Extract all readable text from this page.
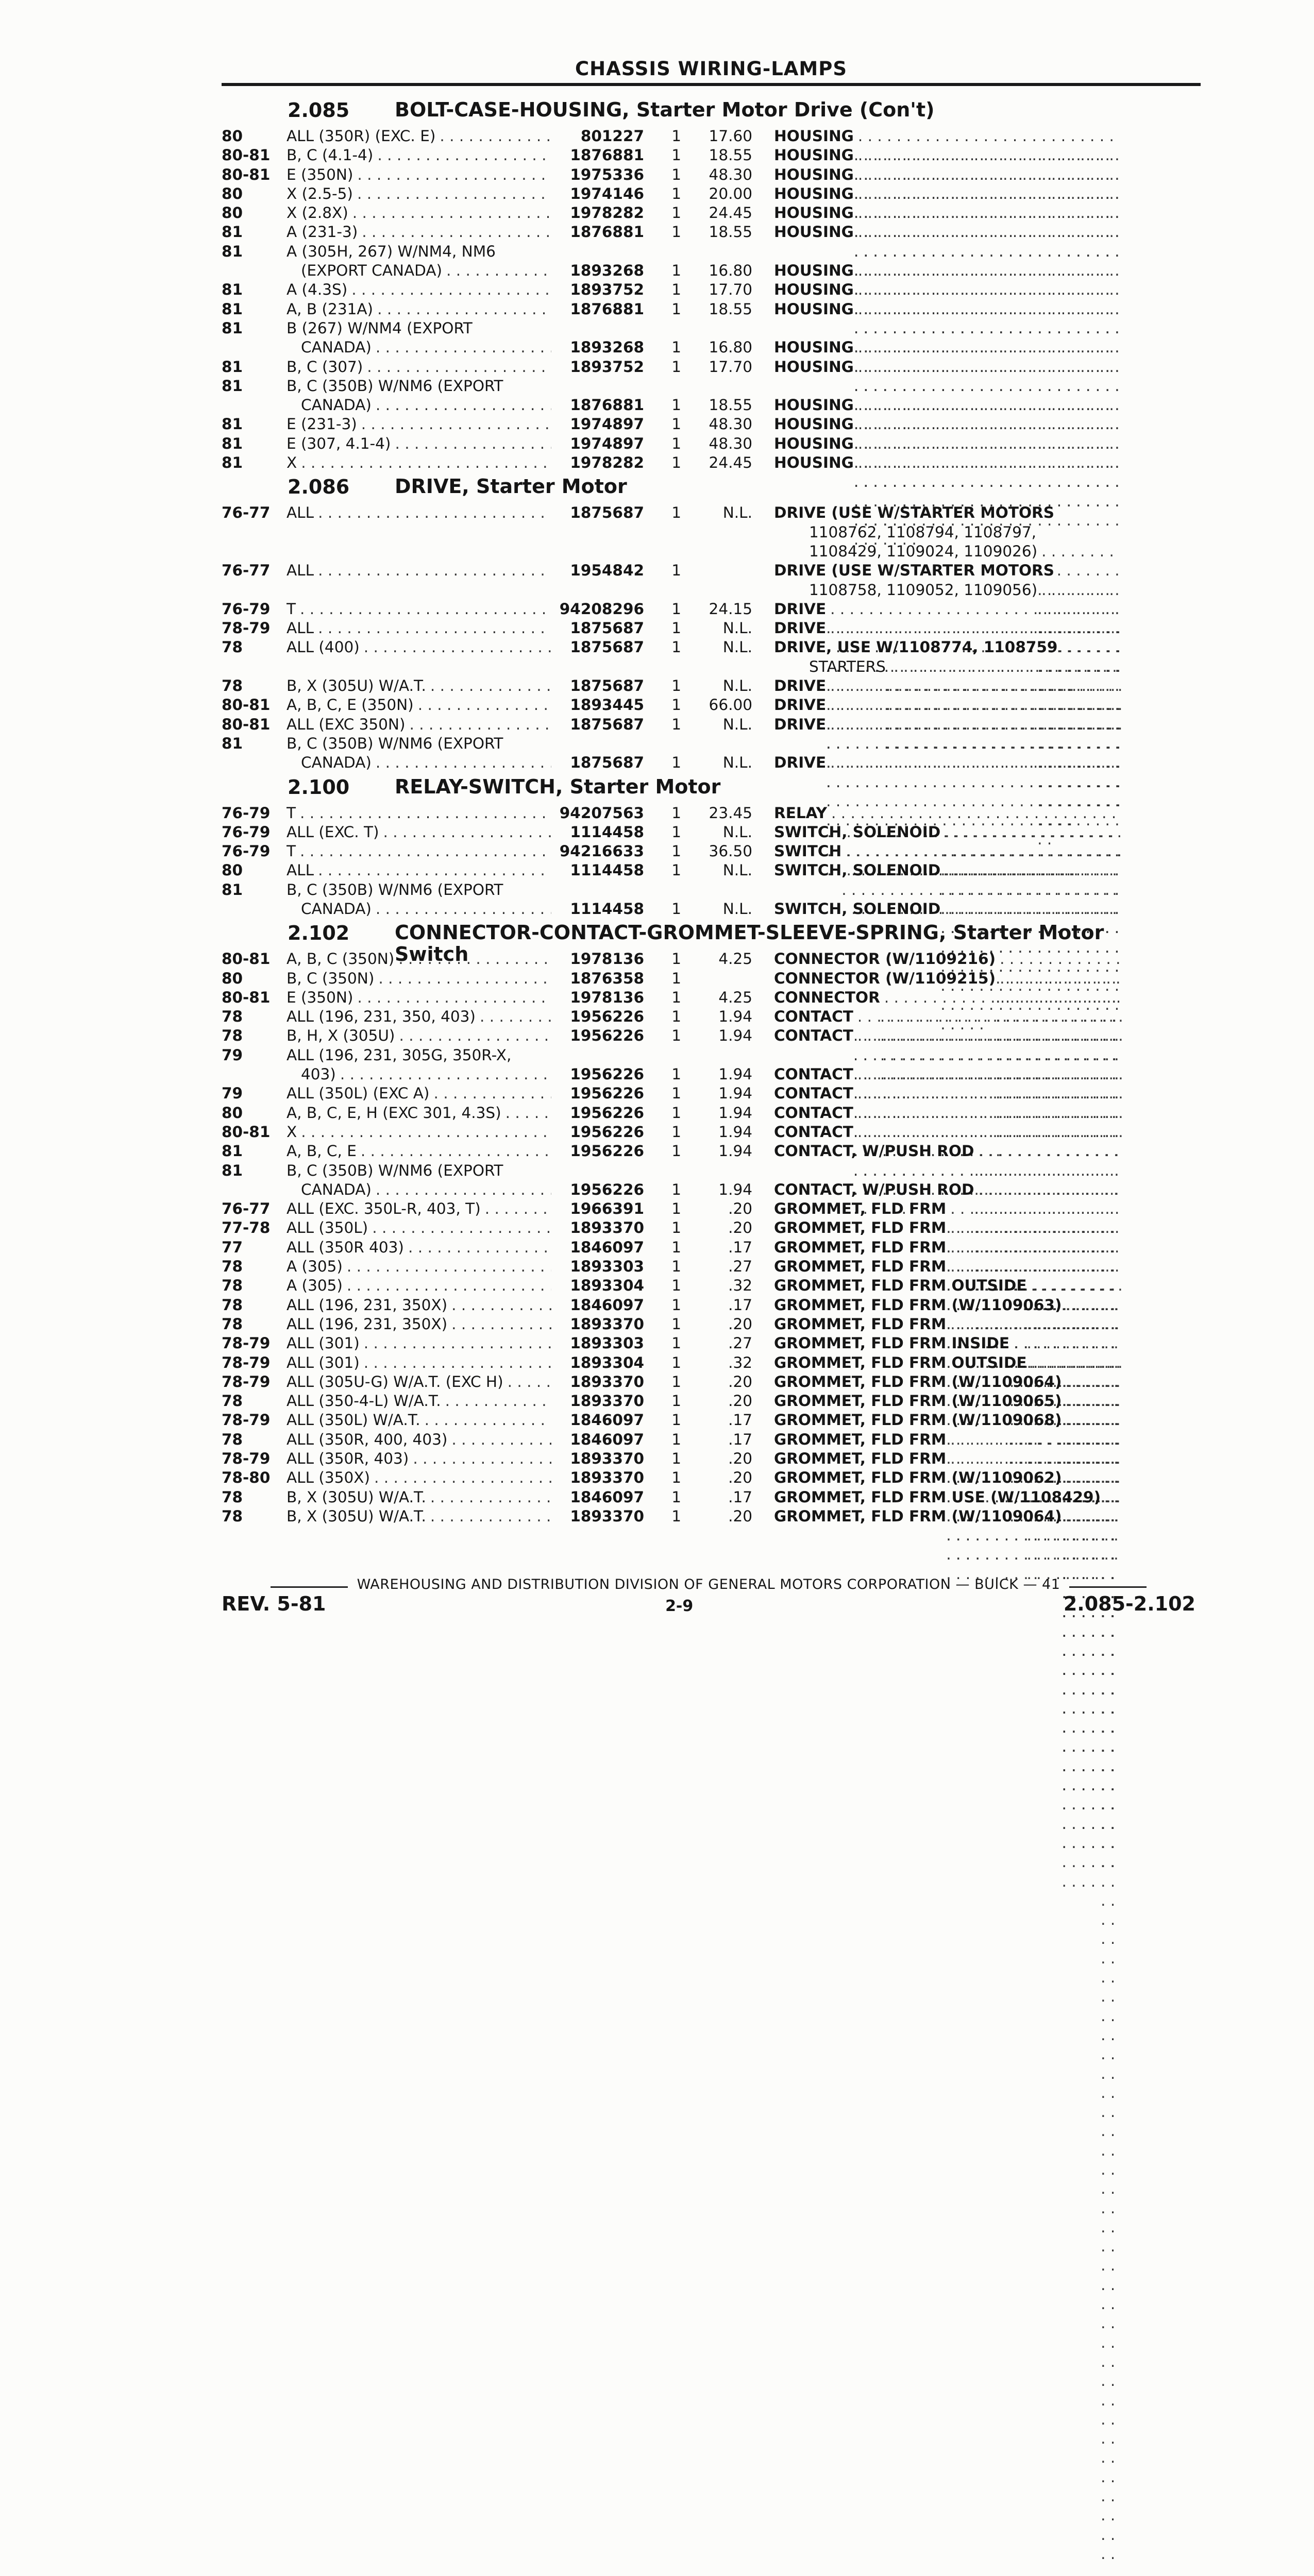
CHASSIS WIRING-LAMPS
2.085	BOLT-CASE-HOUSING, Starter Motor Drive (Con't)
80	ALL (350R) (EXC. E) . . .	801227	1	17.60 HOUSING
. . .
80-81	B, C (4.1-4) . . .	1876881	1	18.55 HOUSING
. . .
80-81	E (350N) . . .	1975336	1	48.30 HOUSING
. . .
80	X (2.5-5) . . .	1974146	1	20.00 HOUSING
. . .
80	X (2.8X) . . .	1978282	1	24.45 HOUSING
. . .
81	A (231-3) . . .	1876881	1	18.55 HOUSING
. . .
81	A (305H, 267) W/NM4, NM6
(EXPORT CANADA) . . .	1893268	1	16.80 HOUSING
. . .
81	A (4.3S) . . .	1893752	1	17.70 HOUSING
. . .
81	A, B (231A) . . .	1876881	1	18.55 HOUSING
. . .
81	B (267) W/NM4 (EXPORT
CANADA) . . .	1893268	1	16.80 HOUSING
. . .
81	B, C (307) . . .	1893752	1	17.70 HOUSING
. . .
81	B, C (350B) W/NM6 (EXPORT
CANADA) . . .	1876881	1	18.55 HOUSING
. . .
81	E (231-3) . . .	1974897	1	48.30 HOUSING
. . .
81	E (307, 4.1-4) . . .	1974897	1	48.30 HOUSING
. . .
81	X . . .	1978282	1	24.45 HOUSING
. . .
2.086	DRIVE, Starter Motor
76-77	ALL . . .	1875687	1	N.L. DRIVE (USE W/STARTER MOTORS
1108762, 1108794, 1108797,
1108429, 1109024, 1109026)
. . .
76-77	ALL . . .	1954842	1	DRIVE (USE W/STARTER MOTORS
1108758, 1109052, 1109056)
. . .
76-79	T . . .	94208296	1	24.15 DRIVE
. . .
78-79	ALL . . .	1875687	1	N.L. DRIVE
. . .
78	ALL (400) . . .	1875687	1	N.L. DRIVE, USE W/1108774, 1108759
STARTERS
. . .
78	B, X (305U) W/A.T. . . .	1875687	1	N.L. DRIVE
. . .
80-81	A, B, C, E (350N) . . .	1893445	1	66.00 DRIVE
. . .
80-81	ALL (EXC 350N) . . .	1875687	1	N.L. DRIVE
. . .
81	B, C (350B) W/NM6 (EXPORT
CANADA) . . .	1875687	1	N.L. DRIVE
. . .
2.100	RELAY-SWITCH, Starter Motor
76-79	T . . .	94207563	1	23.45 RELAY
. . .
76-79	ALL (EXC. T) . . .	1114458	1	N.L. SWITCH, SOLENOID
. . .
76-79	T . . .	94216633	1	36.50 SWITCH
. . .
80	ALL . . .	1114458	1	N.L. SWITCH, SOLENOID
. . .
81	B, C (350B) W/NM6 (EXPORT
CANADA) . . .	1114458	1	N.L. SWITCH, SOLENOID
. . .
2.102	CONNECTOR-CONTACT-GROMMET-SLEEVE-SPRING, Starter Motor Switch
80-81	A, B, C (350N) . . .	1978136	1	4.25 CONNECTOR (W/1109216)
. . .
80	B, C (350N) . . .	1876358	1	CONNECTOR (W/1109215)
. . .
80-81	E (350N) . . .	1978136	1	4.25 CONNECTOR
. . .
78	ALL (196, 231, 350, 403) . . .	1956226	1	1.94 CONTACT
. . .
78	B, H, X (305U) . . .	1956226	1	1.94 CONTACT
. . .
79	ALL (196, 231, 305G, 350R-X,
403) . . .	1956226	1	1.94 CONTACT
. . .
79	ALL (350L) (EXC A) . . .	1956226	1	1.94 CONTACT
. . .
80	A, B, C, E, H (EXC 301, 4.3S) . . .	1956226	1	1.94 CONTACT
. . .
80-81	X . . .	1956226	1	1.94 CONTACT
. . .
81	A, B, C, E . . .	1956226	1	1.94 CONTACT, W/PUSH ROD
. . .
81	B, C (350B) W/NM6 (EXPORT
CANADA) . . .	1956226	1	1.94 CONTACT, W/PUSH ROD
. . .
76-77	ALL (EXC. 350L-R, 403, T) . . .	1966391	1	.20 GROMMET, FLD FRM
. . .
77-78	ALL (350L) . . .	1893370	1	.20 GROMMET, FLD FRM
. . .
77	ALL (350R 403) . . .	1846097	1	.17 GROMMET, FLD FRM
. . .
78	A (305) . . .	1893303	1	.27 GROMMET, FLD FRM
. . .
78	A (305) . . .	1893304	1	.32 GROMMET, FLD FRM OUTSIDE
. . .
78	ALL (196, 231, 350X) . . .	1846097	1	.17 GROMMET, FLD FRM (W/1109063)
. . .
78	ALL (196, 231, 350X) . . .	1893370	1	.20 GROMMET, FLD FRM
. . .
78-79	ALL (301) . . .	1893303	1	.27 GROMMET, FLD FRM INSIDE
. . .
78-79	ALL (301) . . .	1893304	1	.32 GROMMET, FLD FRM OUTSIDE
. . .
78-79	ALL (305U-G) W/A.T. (EXC H) . . .	1893370	1	.20 GROMMET, FLD FRM (W/1109064)
. . .
78	ALL (350-4-L) W/A.T. . . .	1893370	1	.20 GROMMET, FLD FRM (W/1109065)
. . .
78-79	ALL (350L) W/A.T. . . .	1846097	1	.17 GROMMET, FLD FRM (W/1109068)
. . .
78	ALL (350R, 400, 403) . . .	1846097	1	.17 GROMMET, FLD FRM
. . .
78-79	ALL (350R, 403) . . .	1893370	1	.20 GROMMET, FLD FRM
. . .
78-80	ALL (350X) . . .	1893370	1	.20 GROMMET, FLD FRM (W/1109062)
. . .
78	B, X (305U) W/A.T. . . .	1846097	1	.17 GROMMET, FLD FRM USE (W/1108429)
. . .
78	B, X (305U) W/A.T. . . .	1893370	1	.20 GROMMET, FLD FRM (W/1109064)
. . .
WAREHOUSING AND DISTRIBUTION DIVISION OF GENERAL MOTORS CORPORATION — BUICK — 41
REV. 5-81	2-9	2.085-2.102
